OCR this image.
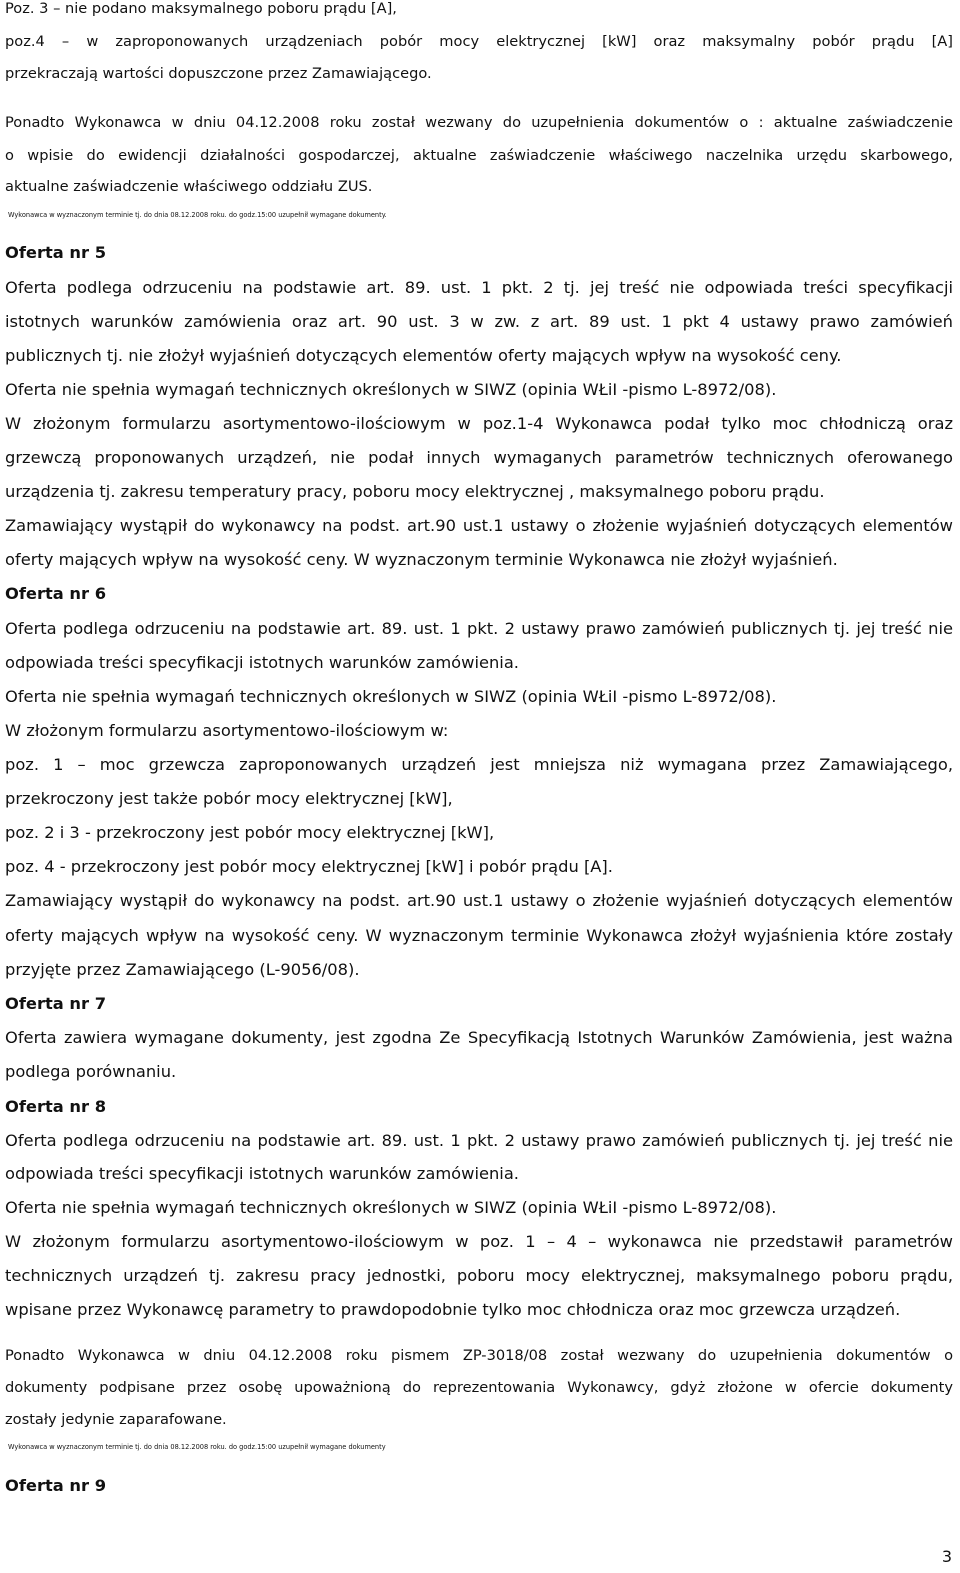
Poz. 3 – nie podano maksymalnego poboru prądu [A],
poz.4 – w zaproponowanych urządzeniach pobór mocy elektrycznej [kW] oraz maksymalny pobór prądu [A]
przekraczają wartości dopuszczone przez Zamawiającego.
Ponadto Wykonawca w dniu 04.12.2008 roku został wezwany do uzupełnienia dokumentów o : aktualne zaświadczenie
o wpisie do ewidencji działalności gospodarczej, aktualne zaświadczenie właściwego naczelnika urzędu skarbowego,
aktualne zaświadczenie właściwego oddziału ZUS.
Wykonawca w wyznaczonym terminie tj. do dnia 08.12.2008 roku. do godz.15:00 uzupełnił wymagane dokumenty.
Oferta nr 5
Oferta podlega odrzuceniu na podstawie art. 89. ust. 1 pkt. 2 tj. jej treść nie odpowiada treści specyfikacji
istotnych warunków zamówienia oraz art. 90 ust. 3 w zw. z art. 89 ust. 1 pkt 4 ustawy prawo zamówień
publicznych tj. nie złożył wyjaśnień dotyczących elementów oferty mających wpływ na wysokość ceny.
Oferta nie spełnia wymagań technicznych określonych w SIWZ (opinia WŁiI -pismo L-8972/08).
W złożonym formularzu asortymentowo-ilościowym w poz.1-4 Wykonawca podał tylko moc chłodniczą oraz
grzewczą proponowanych urządzeń, nie podał innych wymaganych parametrów technicznych oferowanego
urządzenia tj. zakresu temperatury pracy, poboru mocy elektrycznej , maksymalnego poboru prądu.
Zamawiający wystąpił do wykonawcy na podst. art.90 ust.1 ustawy o złożenie wyjaśnień dotyczących elementów
oferty mających wpływ na wysokość ceny. W wyznaczonym terminie Wykonawca nie złożył wyjaśnień.
Oferta nr 6
Oferta podlega odrzuceniu na podstawie art. 89. ust. 1 pkt. 2 ustawy prawo zamówień publicznych tj. jej treść nie
odpowiada treści specyfikacji istotnych warunków zamówienia.
Oferta nie spełnia wymagań technicznych określonych w SIWZ (opinia WŁiI -pismo L-8972/08).
W złożonym formularzu asortymentowo-ilościowym w:
poz. 1 – moc grzewcza zaproponowanych urządzeń jest mniejsza niż wymagana przez Zamawiającego,
przekroczony jest także pobór mocy elektrycznej [kW],
poz. 2 i 3 - przekroczony jest pobór mocy elektrycznej [kW],
poz. 4 - przekroczony jest pobór mocy elektrycznej [kW] i pobór prądu [A].
Zamawiający wystąpił do wykonawcy na podst. art.90 ust.1 ustawy o złożenie wyjaśnień dotyczących elementów
oferty mających wpływ na wysokość ceny. W wyznaczonym terminie Wykonawca złożył wyjaśnienia które zostały
przyjęte przez Zamawiającego (L-9056/08).
Oferta nr 7
Oferta zawiera wymagane dokumenty, jest zgodna Ze Specyfikacją Istotnych Warunków Zamówienia, jest ważna
podlega porównaniu.
Oferta nr 8
Oferta podlega odrzuceniu na podstawie art. 89. ust. 1 pkt. 2 ustawy prawo zamówień publicznych tj. jej treść nie
odpowiada treści specyfikacji istotnych warunków zamówienia.
Oferta nie spełnia wymagań technicznych określonych w SIWZ (opinia WŁiI -pismo L-8972/08).
W złożonym formularzu asortymentowo-ilościowym w poz. 1 – 4 – wykonawca nie przedstawił parametrów
technicznych urządzeń tj. zakresu pracy jednostki, poboru mocy elektrycznej, maksymalnego poboru prądu,
wpisane przez Wykonawcę parametry to prawdopodobnie tylko moc chłodnicza oraz moc grzewcza urządzeń.
Ponadto Wykonawca w dniu 04.12.2008 roku pismem ZP-3018/08 został wezwany do uzupełnienia dokumentów o
dokumenty podpisane przez osobę upoważnioną do reprezentowania Wykonawcy, gdyż złożone w ofercie dokumenty
zostały jedynie zaparafowane.
Wykonawca w wyznaczonym terminie tj. do dnia 08.12.2008 roku. do godz.15:00 uzupełnił wymagane dokumenty
Oferta nr 9
3
